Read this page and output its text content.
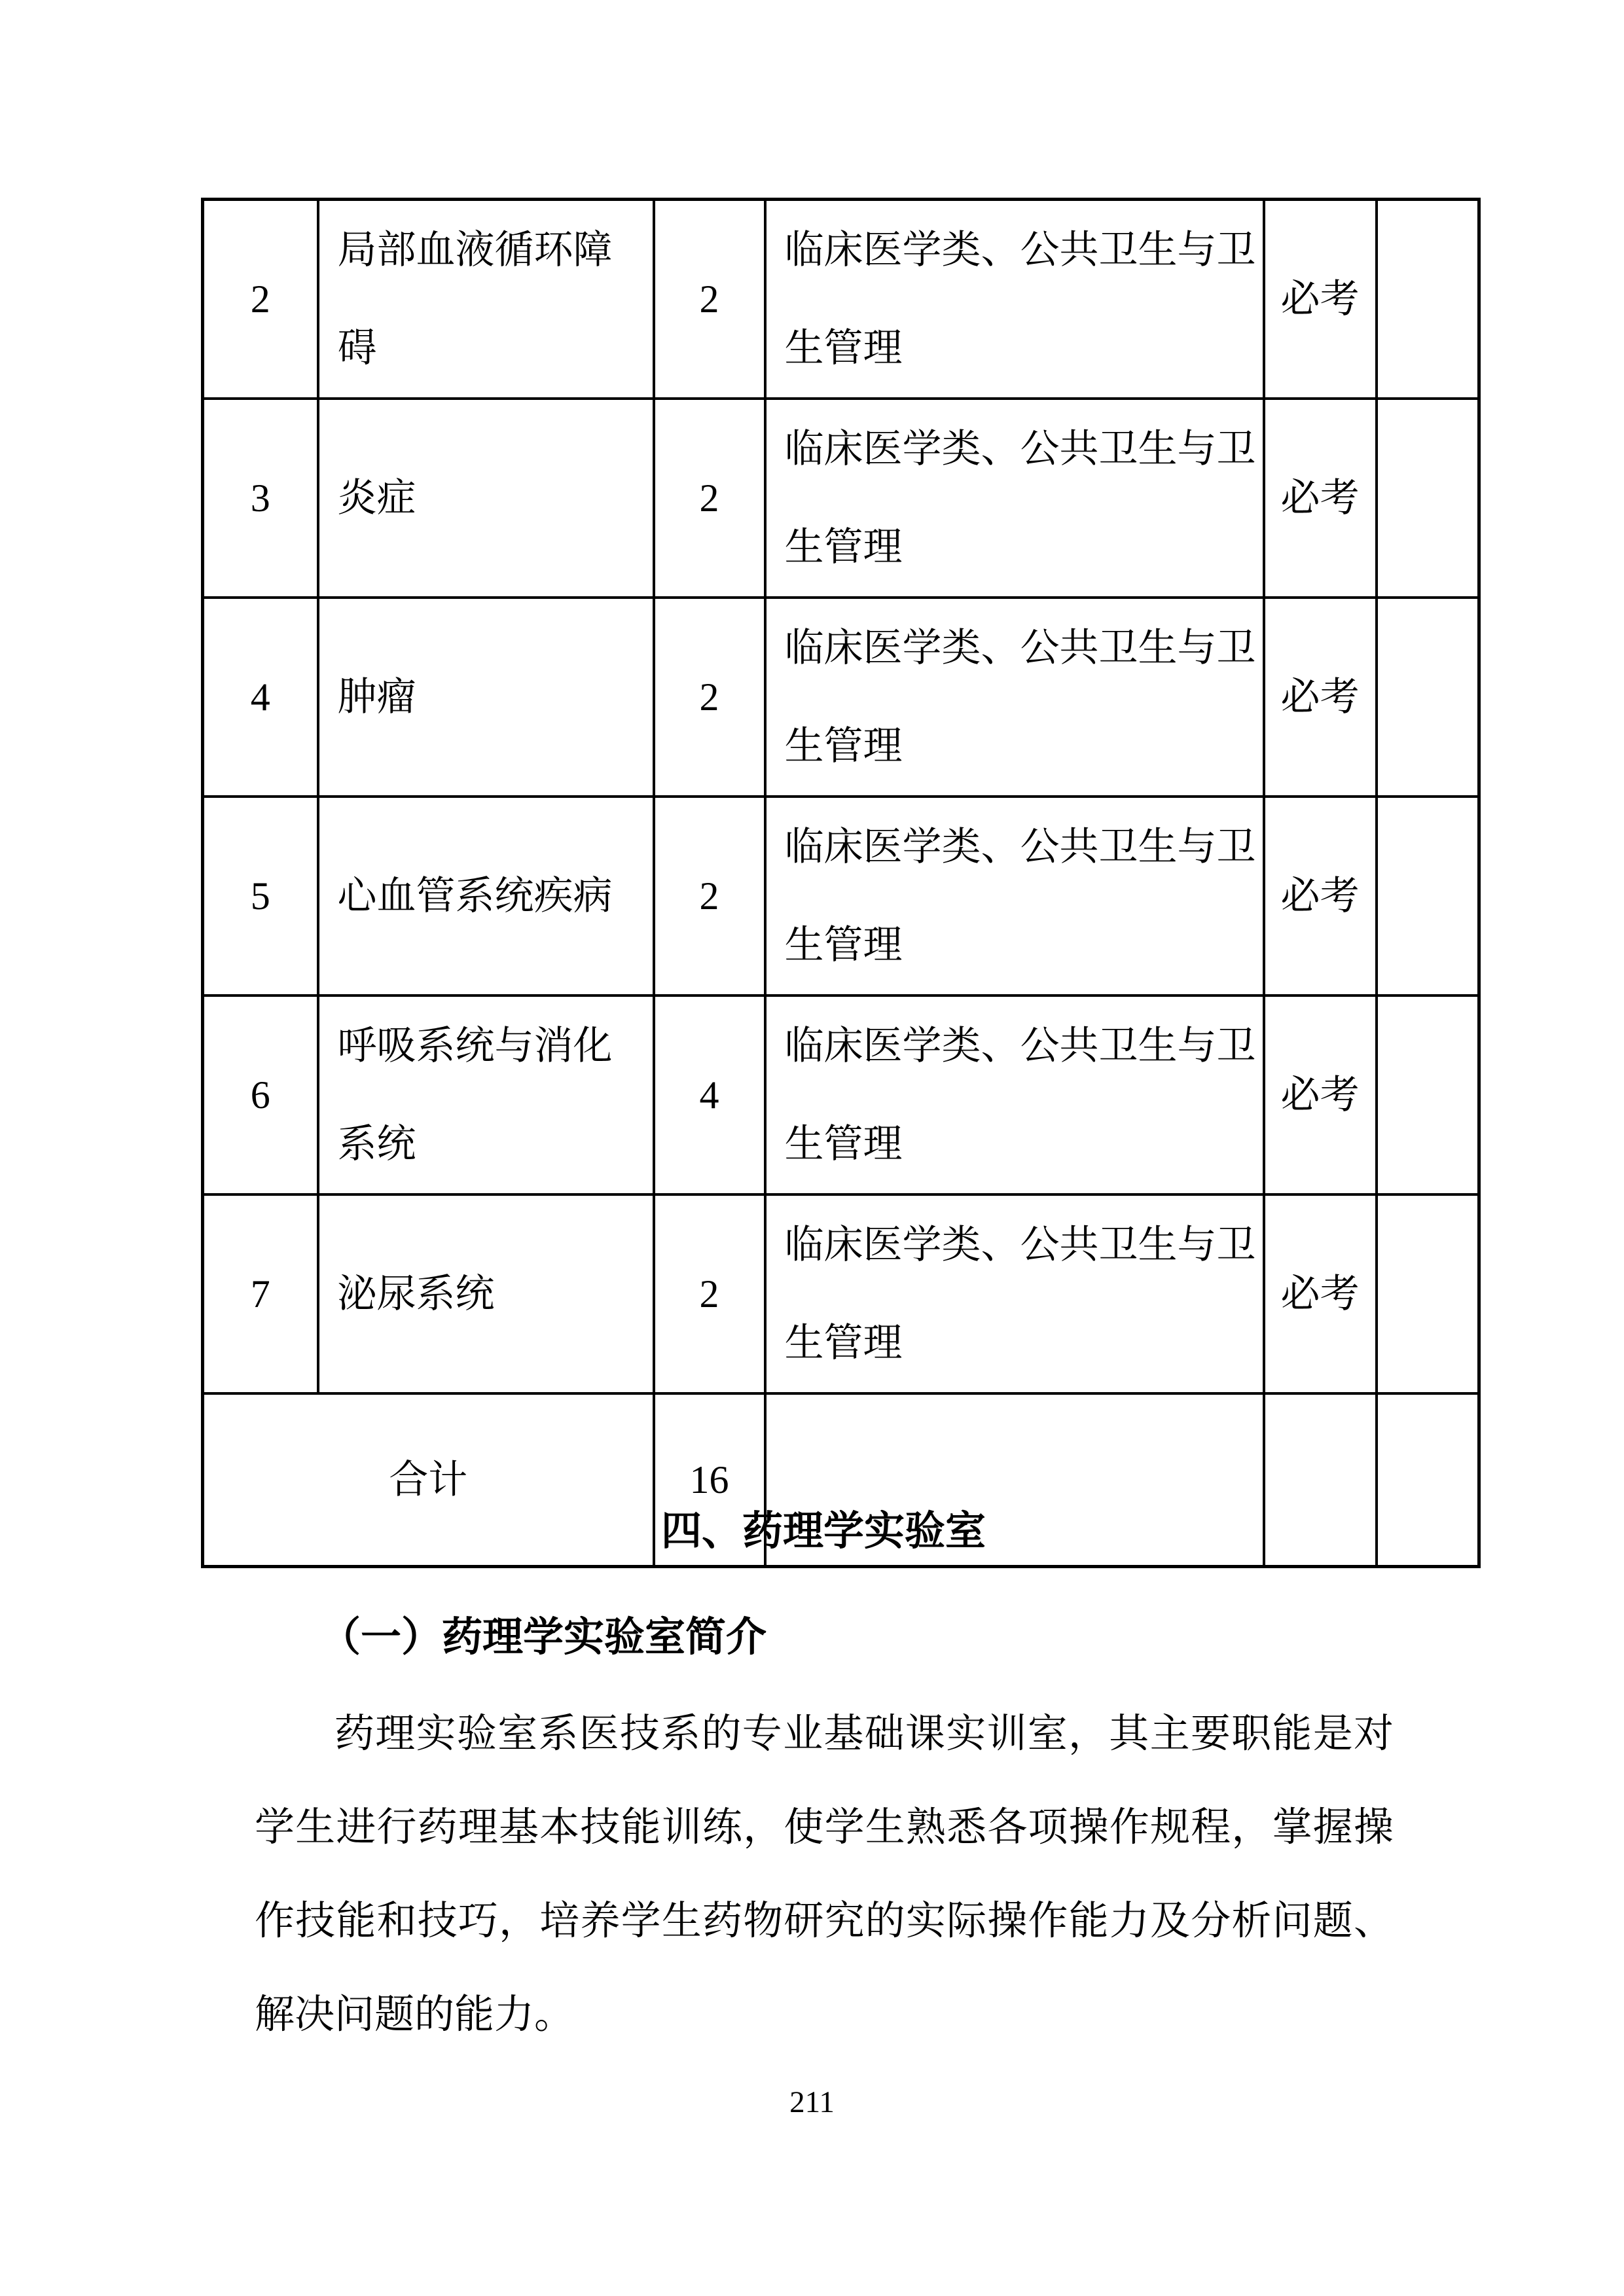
2	局部血液循环障碍	2	临床医学类、公共卫生与卫生管理	必考	
3	炎症	2	临床医学类、公共卫生与卫生管理	必考	
4	肿瘤	2	临床医学类、公共卫生与卫生管理	必考	
5	心血管系统疾病	2	临床医学类、公共卫生与卫生管理	必考	
6	呼吸系统与消化系统	4	临床医学类、公共卫生与卫生管理	必考	
7	泌尿系统	2	临床医学类、公共卫生与卫生管理	必考	
合计		16			
四、药理学实验室
（一）药理学实验室简介
药理实验室系医技系的专业基础课实训室，其主要职能是对学生进行药理基本技能训练，使学生熟悉各项操作规程，掌握操作技能和技巧，培养学生药物研究的实际操作能力及分析问题、解决问题的能力。
211
